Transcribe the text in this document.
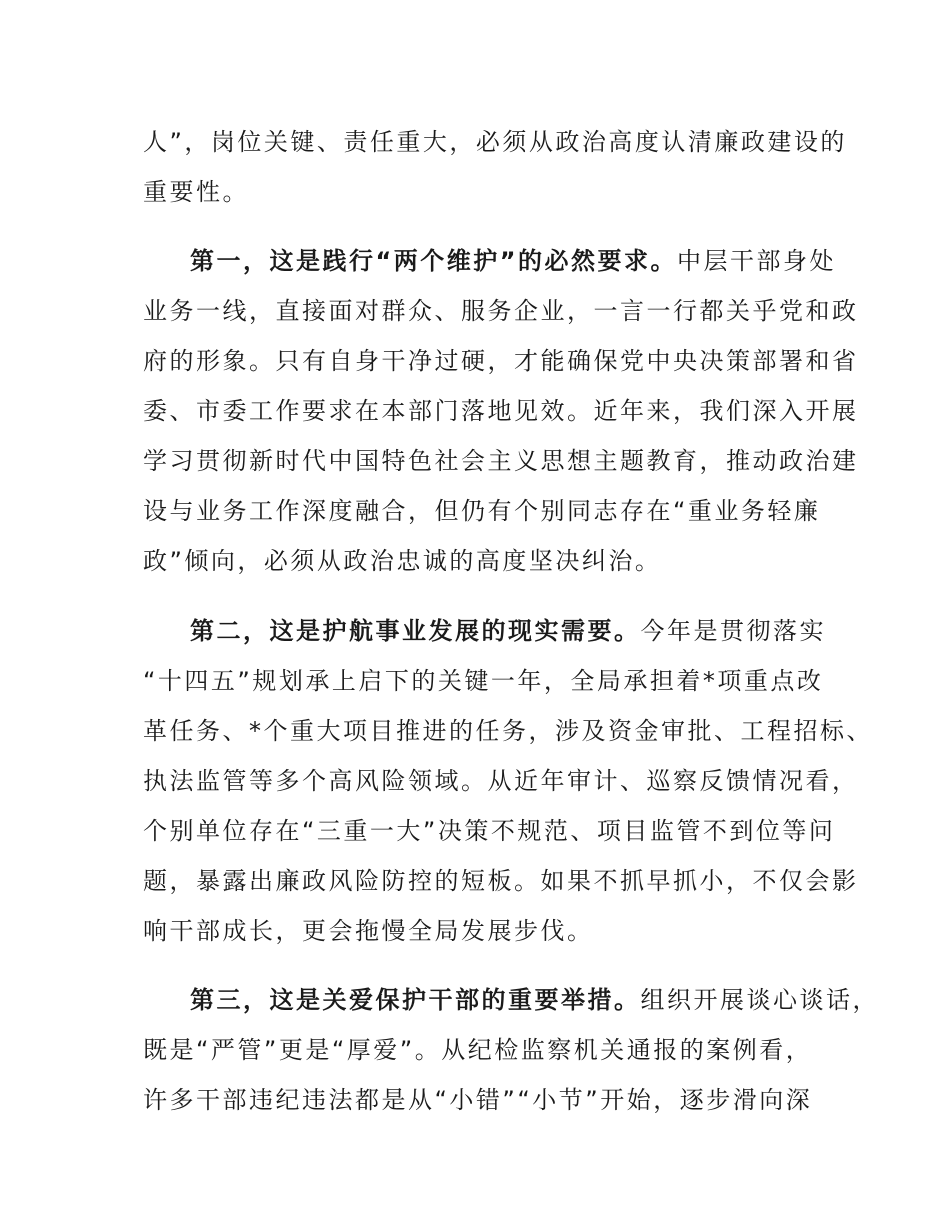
人”，岗位关键、责任重大，必须从政治高度认清廉政建设的
重要性。
第一，这是践行“两个维护”的必然要求。中层干部身处
业务一线，直接面对群众、服务企业，一言一行都关乎党和政
府的形象。只有自身干净过硬，才能确保党中央决策部署和省
委、市委工作要求在本部门落地见效。近年来，我们深入开展
学习贯彻新时代中国特色社会主义思想主题教育，推动政治建
设与业务工作深度融合，但仍有个别同志存在“重业务轻廉
政”倾向，必须从政治忠诚的高度坚决纠治。
第二，这是护航事业发展的现实需要。今年是贯彻落实
“十四五”规划承上启下的关键一年，全局承担着*项重点改
革任务、*个重大项目推进的任务，涉及资金审批、工程招标、
执法监管等多个高风险领域。从近年审计、巡察反馈情况看，
个别单位存在“三重一大”决策不规范、项目监管不到位等问
题，暴露出廉政风险防控的短板。如果不抓早抓小，不仅会影
响干部成长，更会拖慢全局发展步伐。
第三，这是关爱保护干部的重要举措。组织开展谈心谈话，
既是“严管”更是“厚爱”。从纪检监察机关通报的案例看，
许多干部违纪违法都是从“小错”“小节”开始，逐步滑向深
